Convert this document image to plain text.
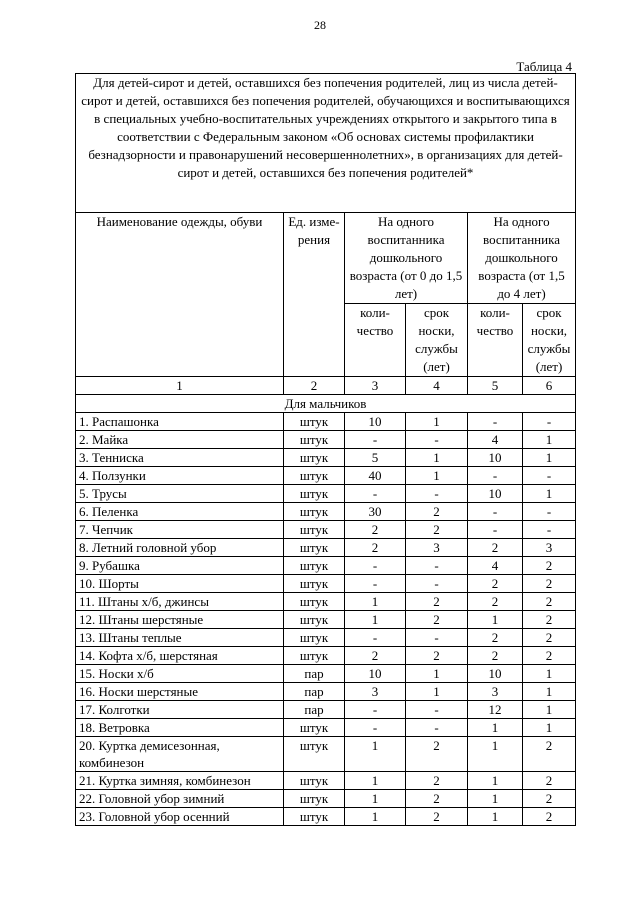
28
Таблица 4
Для детей-сирот и детей, оставшихся без попечения родителей, лиц из числа детей-сирот и детей, оставшихся без попечения родителей, обучающихся и воспитывающихся в специальных учебно-воспитательных учреждениях открытого и закрытого типа в соответствии с Федеральным законом «Об основах системы профилактики безнадзорности и правонарушений несовершеннолетних», в организациях для детей-сирот и детей, оставшихся без попечения родителей*					
Наименование одежды, обуви	Ед. изме-рения	На одного воспитанника дошкольного возраста (от 0 до 1,5 лет)		На одного воспитанника дошкольного возраста (от 1,5 до 4 лет)	
		коли-чество	срок носки, службы (лет)	коли-чество	срок носки, службы (лет)
1	2	3	4	5	6
Для мальчиков					
1. Распашонка	штук	10	1	-	-
2. Майка	штук	-	-	4	1
3. Тенниска	штук	5	1	10	1
4. Ползунки	штук	40	1	-	-
5. Трусы	штук	-	-	10	1
6. Пеленка	штук	30	2	-	-
7. Чепчик	штук	2	2	-	-
8. Летний головной убор	штук	2	3	2	3
9. Рубашка	штук	-	-	4	2
10. Шорты	штук	-	-	2	2
11. Штаны х/б, джинсы	штук	1	2	2	2
12. Штаны шерстяные	штук	1	2	1	2
13. Штаны теплые	штук	-	-	2	2
14. Кофта х/б, шерстяная	штук	2	2	2	2
15. Носки х/б	пар	10	1	10	1
16. Носки шерстяные	пар	3	1	3	1
17. Колготки	пар	-	-	12	1
18. Ветровка	штук	-	-	1	1
20. Куртка демисезонная, комбинезон	штук	1	2	1	2
21. Куртка зимняя, комбинезон	штук	1	2	1	2
22. Головной убор зимний	штук	1	2	1	2
23. Головной убор осенний	штук	1	2	1	2
